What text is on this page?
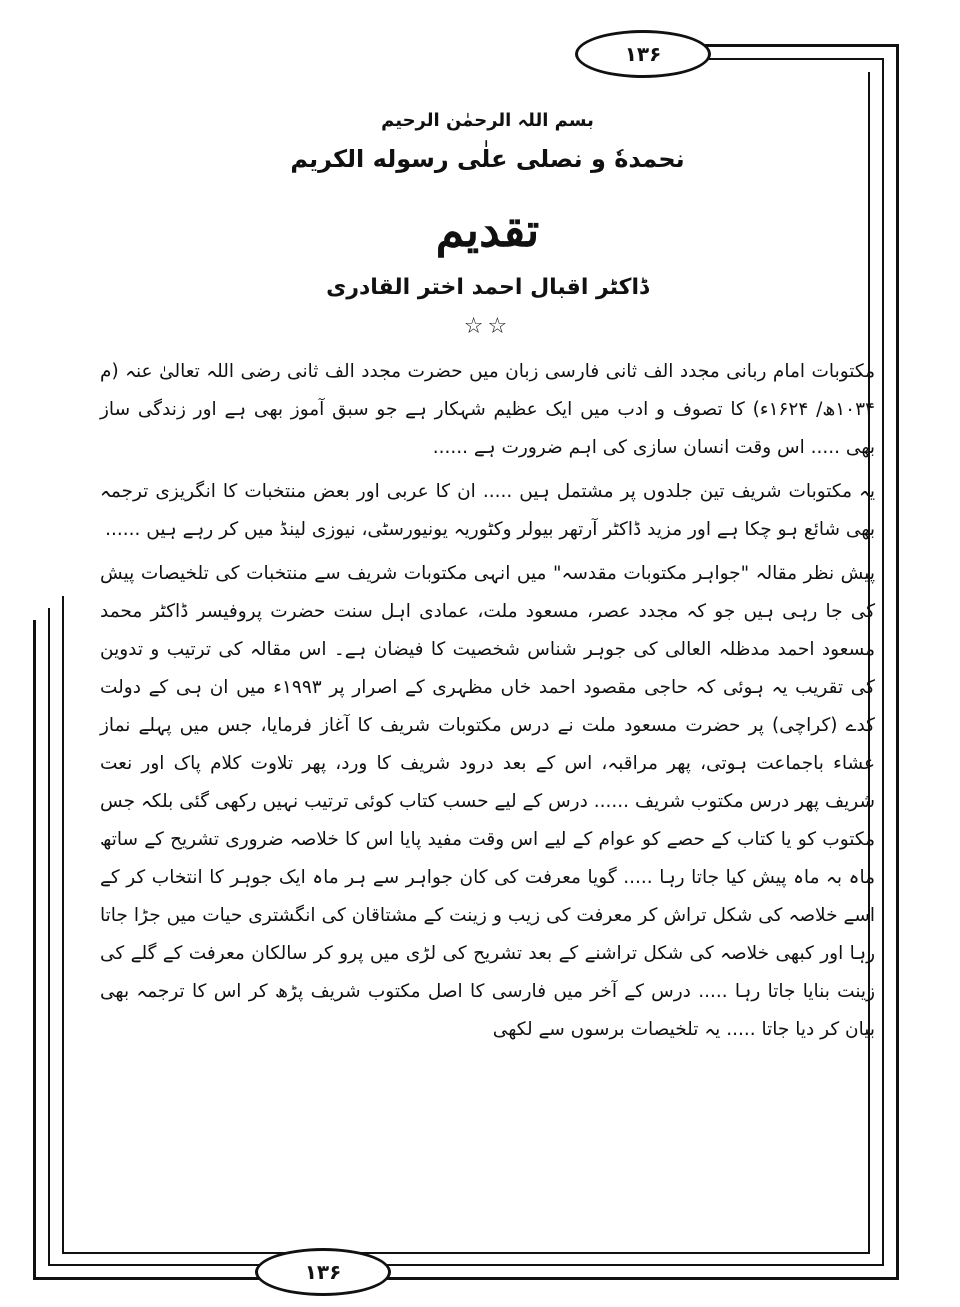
۱۳۶
۱۳۶
بسم اللہ الرحمٰن الرحیم
نحمدهٗ و نصلی علٰی رسوله الکریم
تقدیم
ڈاکٹر اقبال احمد اختر القادری
☆☆

مکتوبات امام ربانی مجدد الف ثانی فارسی زبان میں حضرت مجدد الف ثانی رضی اللہ تعالیٰ عنہ (م ۱۰۳۴ھ/ ۱۶۲۴ء) کا تصوف و ادب میں ایک عظیم شہکار ہے جو سبق آموز بھی ہے اور زندگی ساز بھی ..... اس وقت انسان سازی کی اہم ضرورت ہے ......

یہ مکتوبات شریف تین جلدوں پر مشتمل ہیں ..... ان کا عربی اور بعض منتخبات کا انگریزی ترجمہ بھی شائع ہو چکا ہے اور مزید ڈاکٹر آرتھر بیولر وکٹوریہ یونیورسٹی، نیوزی لینڈ میں کر رہے ہیں ......

پیش نظر مقالہ "جواہر مکتوبات مقدسہ" میں انہی مکتوبات شریف سے منتخبات کی تلخیصات پیش کی جا رہی ہیں جو کہ مجدد عصر، مسعود ملت، عمادی اہل سنت حضرت پروفیسر ڈاکٹر محمد مسعود احمد مدظلہ العالی کی جوہر شناس شخصیت کا فیضان ہے۔ اس مقالہ کی ترتیب و تدوین کی تقریب یہ ہوئی کہ حاجی مقصود احمد خاں مظہری کے اصرار پر ۱۹۹۳ء میں ان ہی کے دولت کدے (کراچی) پر حضرت مسعود ملت نے درس مکتوبات شریف کا آغاز فرمایا، جس میں پہلے نماز عشاء باجماعت ہوتی، پھر مراقبہ، اس کے بعد درود شریف کا ورد، پھر تلاوت کلام پاک اور نعت شریف پھر درس مکتوب شریف ...... درس کے لیے حسب کتاب کوئی ترتیب نہیں رکھی گئی بلکہ جس مکتوب کو یا کتاب کے حصے کو عوام کے لیے اس وقت مفید پایا اس کا خلاصہ ضروری تشریح کے ساتھ ماہ بہ ماہ پیش کیا جاتا رہا ..... گویا معرفت کی کان جواہر سے ہر ماہ ایک جوہر کا انتخاب کر کے اسے خلاصہ کی شکل تراش کر معرفت کی زیب و زینت کے مشتاقان کی انگشتری حیات میں جڑا جاتا رہا اور کبھی خلاصہ کی شکل تراشنے کے بعد تشریح کی لڑی میں پرو کر سالکان معرفت کے گلے کی زینت بنایا جاتا رہا ..... درس کے آخر میں فارسی کا اصل مکتوب شریف پڑھ کر اس کا ترجمہ بھی بیان کر دیا جاتا ..... یہ تلخیصات برسوں سے لکھی
